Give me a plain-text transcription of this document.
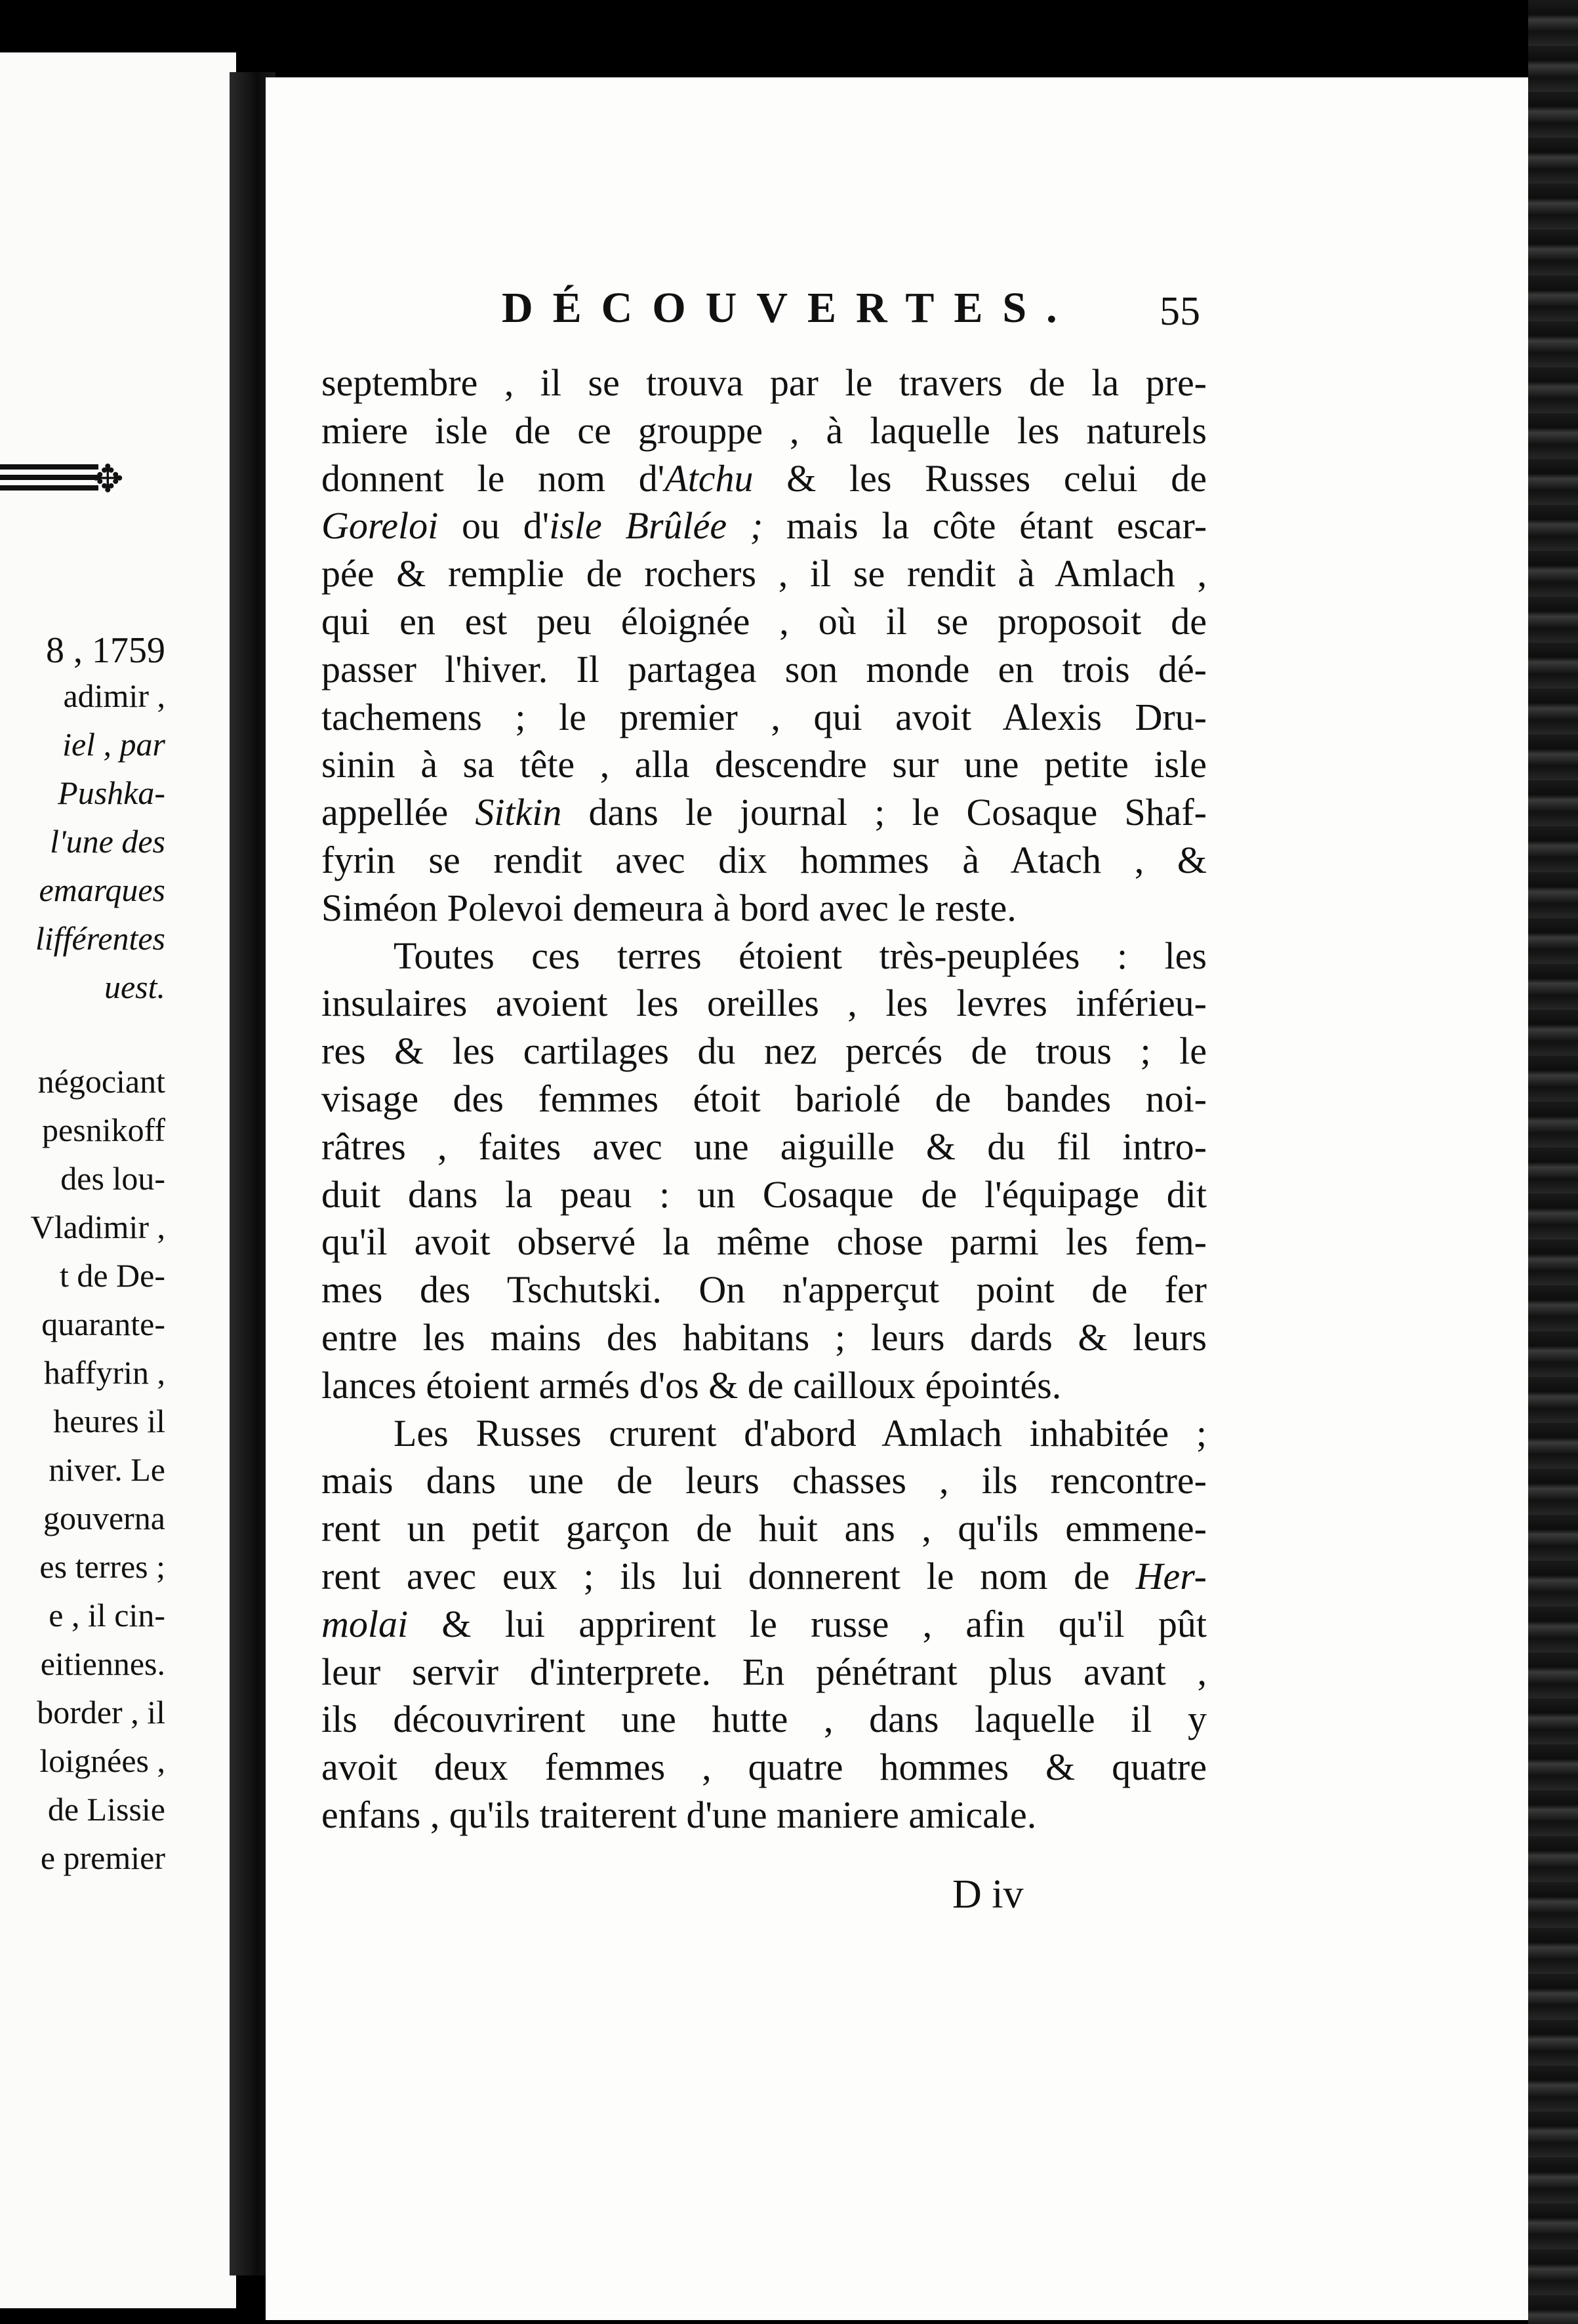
✥
8 , 1759
adimir ,
iel , par
Pushka-
l'une des
emarques
lifférentes
uest.
négociant
pesnikoff
des lou-
Vladimir ,
t de De-
quarante-
haffyrin ,
heures il
niver. Le
gouverna
es terres ;
e , il cin-
eitiennes.
border , il
loignées ,
de Lissie
e premier
DÉCOUVERTES. 55
septembre , il se trouva par le travers de la pre-
miere isle de ce grouppe , à laquelle les naturels
donnent le nom d'Atchu & les Russes celui de
Goreloi ou d'isle Brûlée ; mais la côte étant escar-
pée & remplie de rochers , il se rendit à Amlach ,
qui en est peu éloignée , où il se proposoit de
passer l'hiver. Il partagea son monde en trois dé-
tachemens ; le premier , qui avoit Alexis Dru-
sinin à sa tête , alla descendre sur une petite isle
appellée Sitkin dans le journal ; le Cosaque Shaf-
fyrin se rendit avec dix hommes à Atach , &
Siméon Polevoi demeura à bord avec le reste.
Toutes ces terres étoient très-peuplées : les
insulaires avoient les oreilles , les levres inférieu-
res & les cartilages du nez percés de trous ; le
visage des femmes étoit bariolé de bandes noi-
râtres , faites avec une aiguille & du fil intro-
duit dans la peau : un Cosaque de l'équipage dit
qu'il avoit observé la même chose parmi les fem-
mes des Tschutski. On n'apperçut point de fer
entre les mains des habitans ; leurs dards & leurs
lances étoient armés d'os & de cailloux épointés.
Les Russes crurent d'abord Amlach inhabitée ;
mais dans une de leurs chasses , ils rencontre-
rent un petit garçon de huit ans , qu'ils emmene-
rent avec eux ; ils lui donnerent le nom de Her-
molai & lui apprirent le russe , afin qu'il pût
leur servir d'interprete. En pénétrant plus avant ,
ils découvrirent une hutte , dans laquelle il y
avoit deux femmes , quatre hommes & quatre
enfans , qu'ils traiterent d'une maniere amicale.
D iv
